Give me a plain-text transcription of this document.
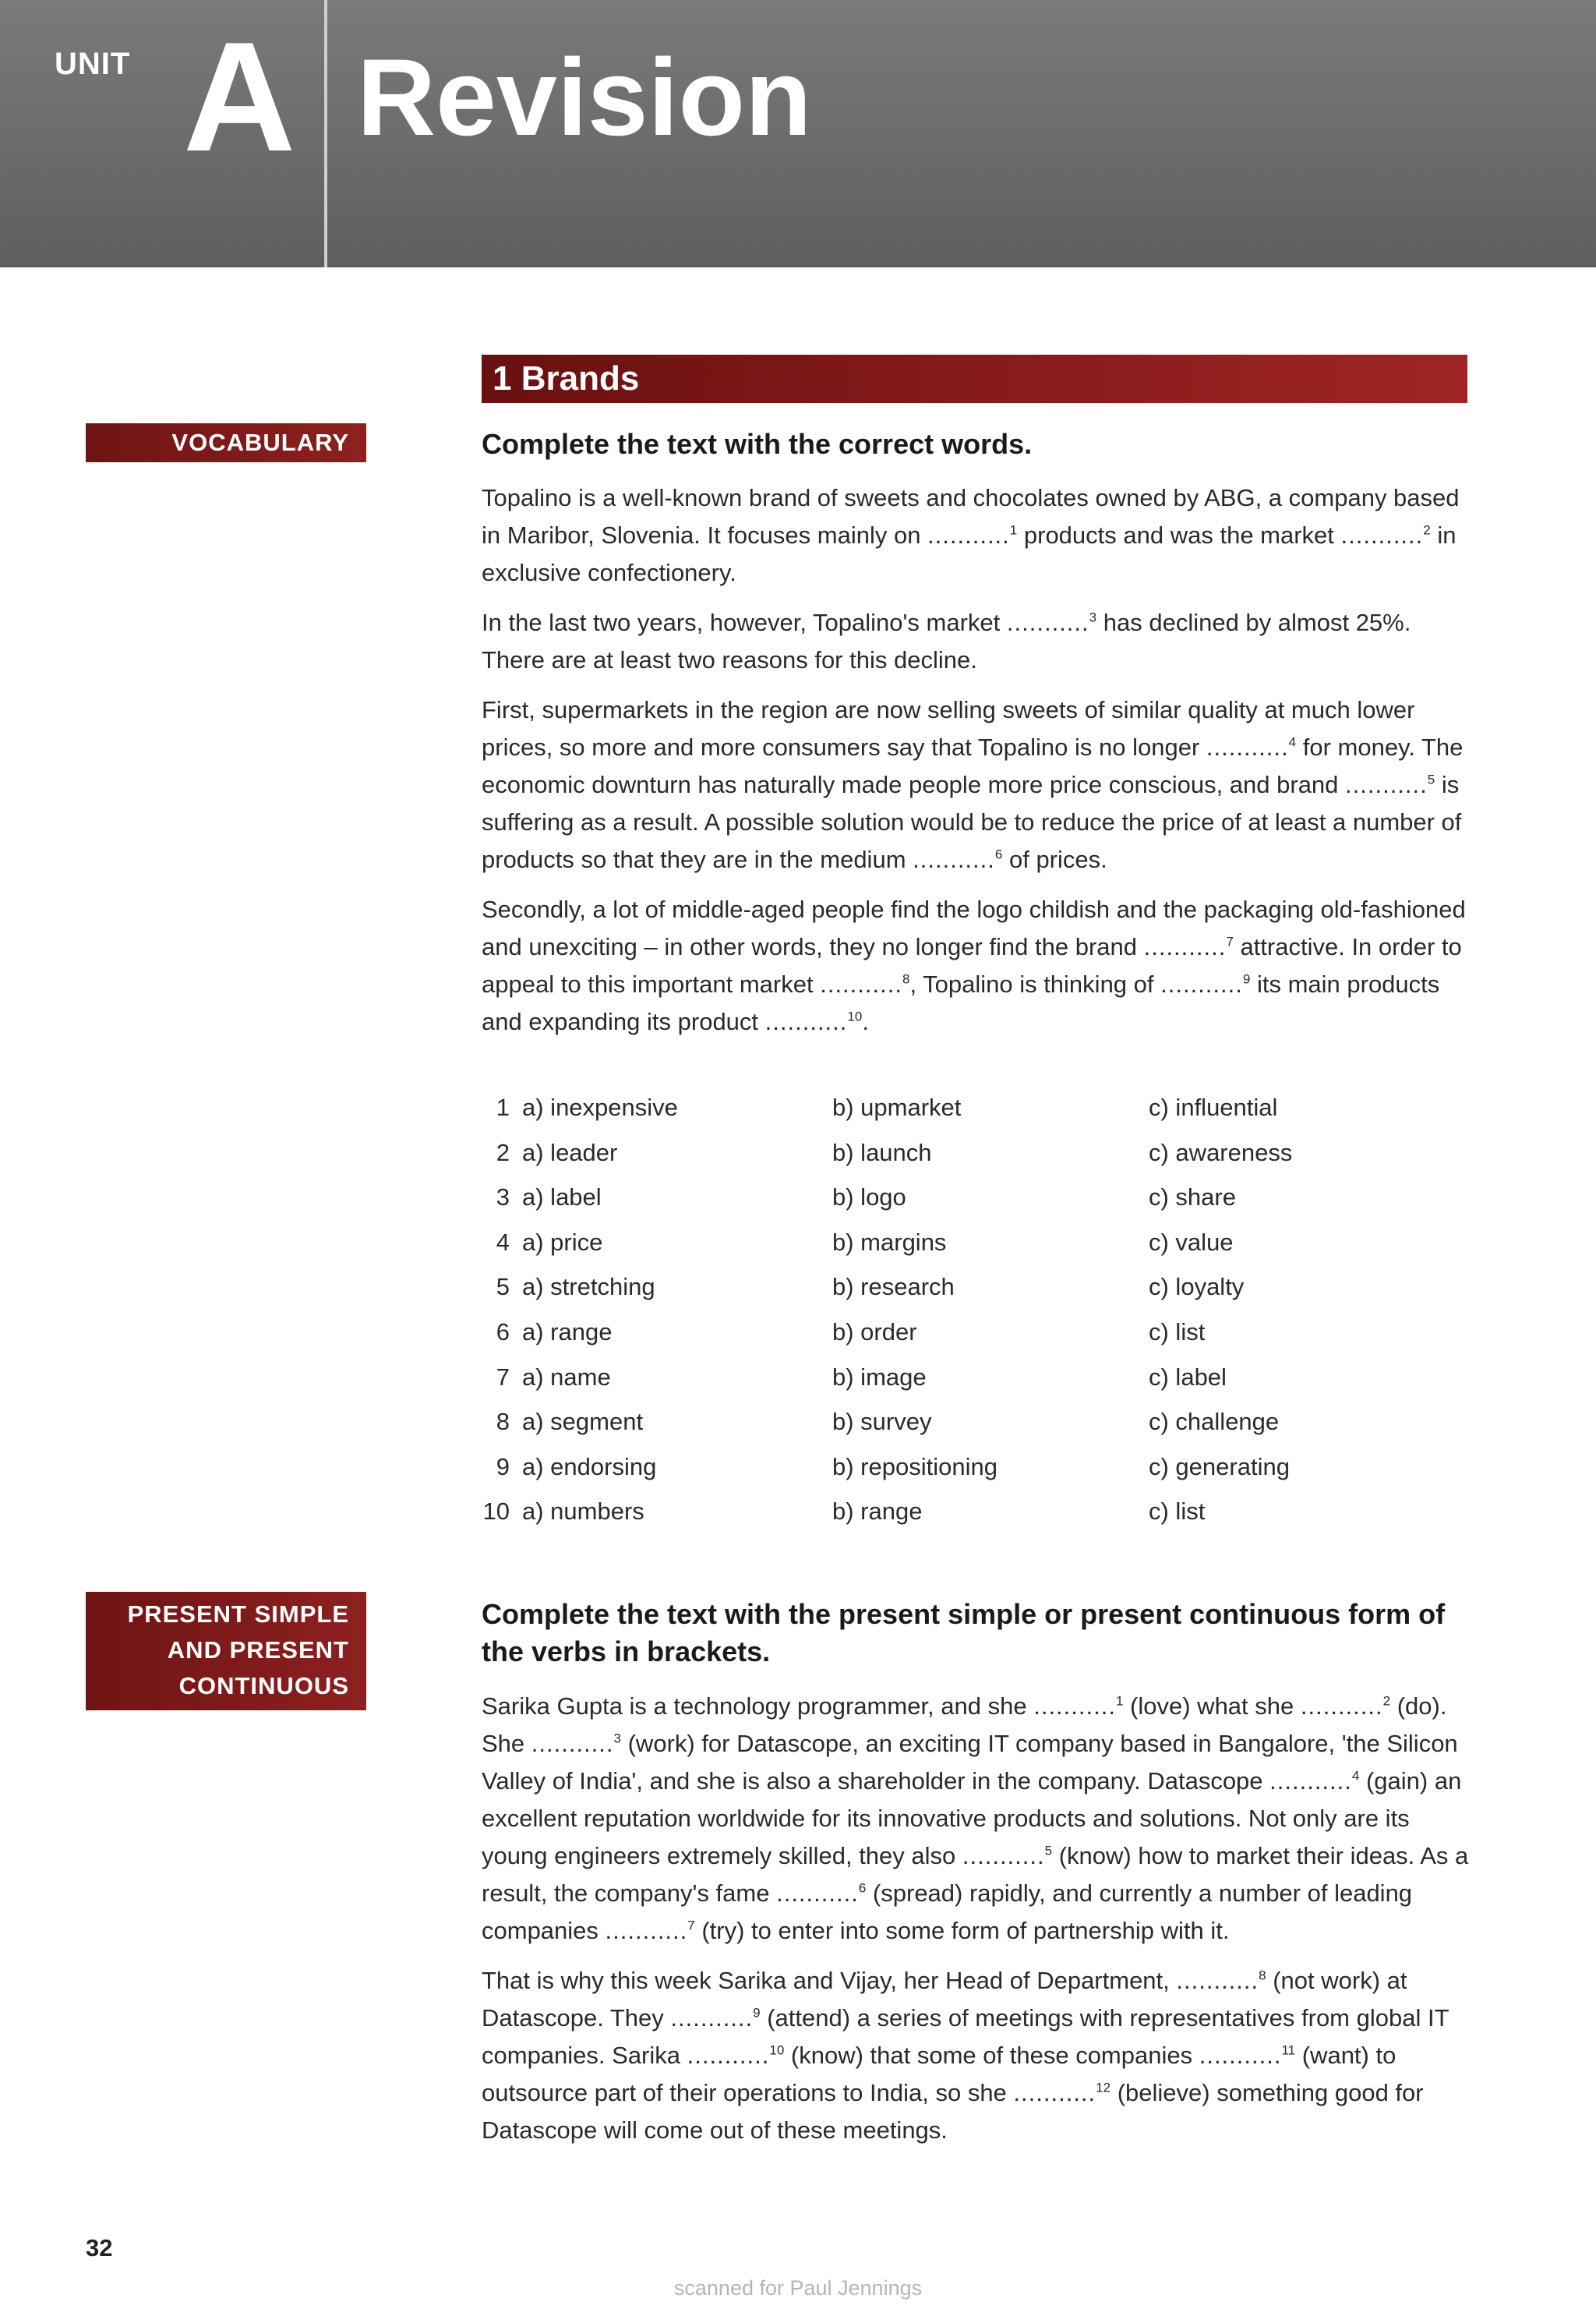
UNIT A Revision
1 Brands
VOCABULARY	Complete the text with the correct words.

Topalino is a well-known brand of sweets and chocolates owned by ABG, a company based in Maribor, Slovenia. It focuses mainly on ...........$^1$ products and was the market ...........$^2$ in exclusive confectionery.

In the last two years, however, Topalino's market ...........$^3$ has declined by almost 25%. There are at least two reasons for this decline.

First, supermarkets in the region are now selling sweets of similar quality at much lower prices, so more and more consumers say that Topalino is no longer ...........$^4$ for money. The economic downturn has naturally made people more price conscious, and brand ...........$^5$ is suffering as a result. A possible solution would be to reduce the price of at least a number of products so that they are in the medium ...........$^6$ of prices.

Secondly, a lot of middle-aged people find the logo childish and the packaging old-fashioned and unexciting – in other words, they no longer find the brand ...........$^7$ attractive. In order to appeal to this important market ...........$^8$, Topalino is thinking of ...........$^9$ its main products and expanding its product ...........$^{10}$.

1 a) inexpensive	b) upmarket	c) influential
2 a) leader	b) launch	c) awareness
3 a) label	b) logo	c) share
4 a) price	b) margins	c) value
5 a) stretching	b) research	c) loyalty
6 a) range	b) order	c) list
7 a) name	b) image	c) label
8 a) segment	b) survey	c) challenge
9 a) endorsing	b) repositioning	c) generating
10 a) numbers	b) range	c) list
PRESENT SIMPLE
AND PRESENT
CONTINUOUS
Complete the text with the present simple or present continuous form of the verbs in brackets.

Sarika Gupta is a technology programmer, and she ...........$^1$ (love) what she ...........$^2$ (do). She ...........$^3$ (work) for Datascope, an exciting IT company based in Bangalore, 'the Silicon Valley of India', and she is also a shareholder in the company. Datascope ...........$^4$ (gain) an excellent reputation worldwide for its innovative products and solutions. Not only are its young engineers extremely skilled, they also ...........$^5$ (know) how to market their ideas. As a result, the company's fame ...........$^6$ (spread) rapidly, and currently a number of leading companies ...........$^7$ (try) to enter into some form of partnership with it.

That is why this week Sarika and Vijay, her Head of Department, ...........$^8$ (not work) at Datascope. They ...........$^9$ (attend) a series of meetings with representatives from global IT companies. Sarika ...........$^{10}$ (know) that some of these companies ...........$^{11}$ (want) to outsource part of their operations to India, so she ...........$^{12}$ (believe) something good for Datascope will come out of these meetings.

32
scanned for Paul Jennings
